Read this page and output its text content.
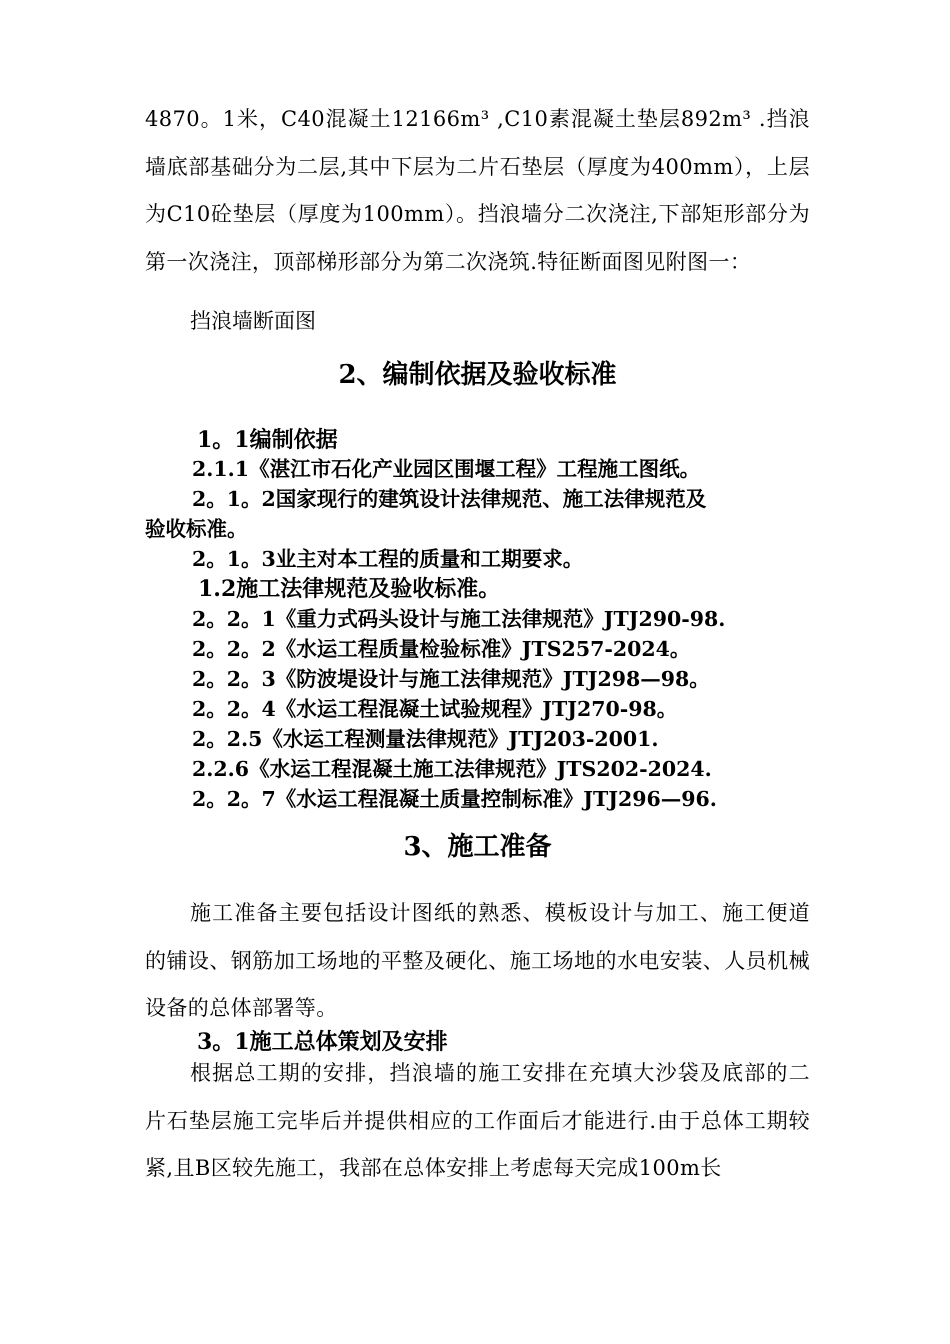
4870。1米，C40混凝土12166m³ ,C10素混凝土垫层892m³ .挡浪墙底部基础分为二层,其中下层为二片石垫层（厚度为400mm），上层为C10砼垫层（厚度为100mm）。挡浪墙分二次浇注,下部矩形部分为第一次浇注，顶部梯形部分为第二次浇筑.特征断面图见附图一：

挡浪墙断面图
2、编制依据及验收标准
1。1编制依据

2.1.1《湛江市石化产业园区围堰工程》工程施工图纸。

2。1。2国家现行的建筑设计法律规范、施工法律规范及

验收标准。

2。1。3业主对本工程的质量和工期要求。

1.2施工法律规范及验收标准。

2。2。1《重力式码头设计与施工法律规范》JTJ290-98.

2。2。2《水运工程质量检验标准》JTS257-2024。

2。2。3《防波堤设计与施工法律规范》JTJ298—98。

2。2。4《水运工程混凝土试验规程》JTJ270-98。

2。2.5《水运工程测量法律规范》JTJ203-2001.

2.2.6《水运工程混凝土施工法律规范》JTS202-2024.

2。2。7《水运工程混凝土质量控制标准》JTJ296—96.

3、施工准备

施工准备主要包括设计图纸的熟悉、模板设计与加工、施工便道的铺设、钢筋加工场地的平整及硬化、施工场地的水电安装、人员机械设备的总体部署等。

3。1施工总体策划及安排

根据总工期的安排，挡浪墙的施工安排在充填大沙袋及底部的二片石垫层施工完毕后并提供相应的工作面后才能进行.由于总体工期较紧,且B区较先施工，我部在总体安排上考虑每天完成100m长
